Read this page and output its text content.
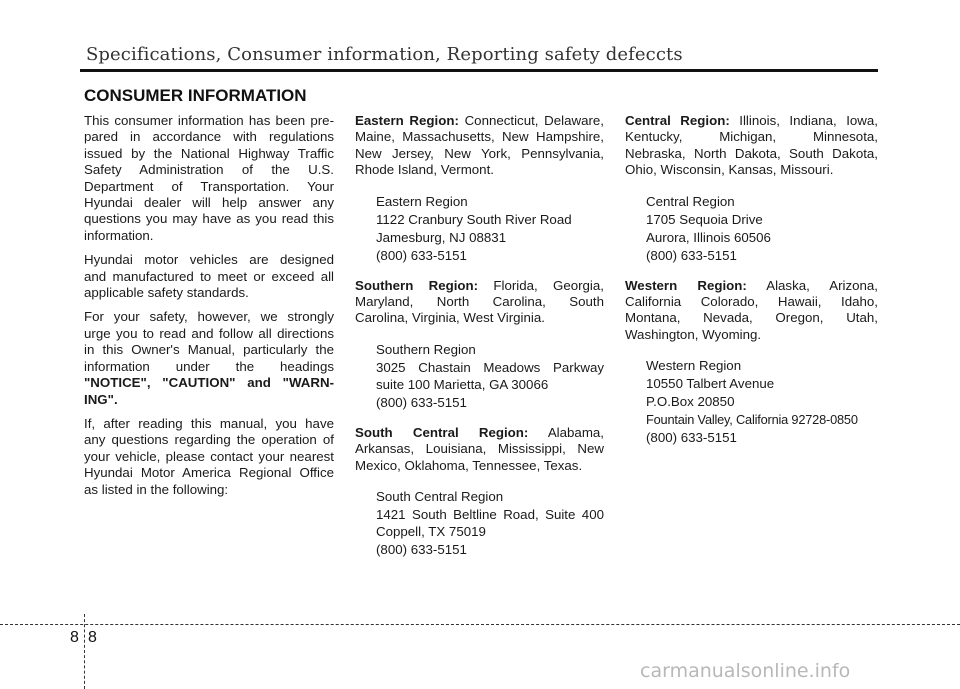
Specifications, Consumer information, Reporting safety defeccts
CONSUMER INFORMATION

This consumer information has been pre-
pared in accordance with regulations
issued by the National Highway Traffic
Safety Administration of the U.S.
Department of Transportation. Your
Hyundai dealer will help answer any
questions you may have as you read this
information.

Hyundai motor vehicles are designed
and manufactured to meet or exceed all
applicable safety standards.

For your safety, however, we strongly
urge you to read and follow all directions
in this Owner's Manual, particularly the
information under the headings
"NOTICE", "CAUTION" and "WARN-
ING".

If, after reading this manual, you have
any questions regarding the operation of
your vehicle, please contact your nearest
Hyundai Motor America Regional Office
as listed in the following:

Eastern Region: Connecticut, Delaware,
Maine, Massachusetts, New Hampshire,
New Jersey, New York, Pennsylvania,
Rhode Island, Vermont.

Eastern Region
1122 Cranbury South River Road
Jamesburg, NJ 08831
(800) 633-5151

Southern Region: Florida, Georgia,
Maryland, North Carolina, South
Carolina, Virginia, West Virginia.

Southern Region
3025 Chastain Meadows Parkway
suite 100 Marietta, GA 30066
(800) 633-5151

South Central Region: Alabama,
Arkansas, Louisiana, Mississippi, New
Mexico, Oklahoma, Tennessee, Texas.

South Central Region
1421 South Beltline Road, Suite 400
Coppell, TX 75019
(800) 633-5151

Central Region: Illinois, Indiana, Iowa,
Kentucky, Michigan, Minnesota,
Nebraska, North Dakota, South Dakota,
Ohio, Wisconsin, Kansas, Missouri.

Central Region
1705 Sequoia Drive
Aurora, Illinois 60506
(800) 633-5151

Western Region: Alaska, Arizona,
California Colorado, Hawaii, Idaho,
Montana, Nevada, Oregon, Utah,
Washington, Wyoming.

Western Region
10550 Talbert Avenue
P.O.Box 20850
Fountain Valley, California 92728-0850
(800) 633-5151
8 8
carmanualsonline.info
